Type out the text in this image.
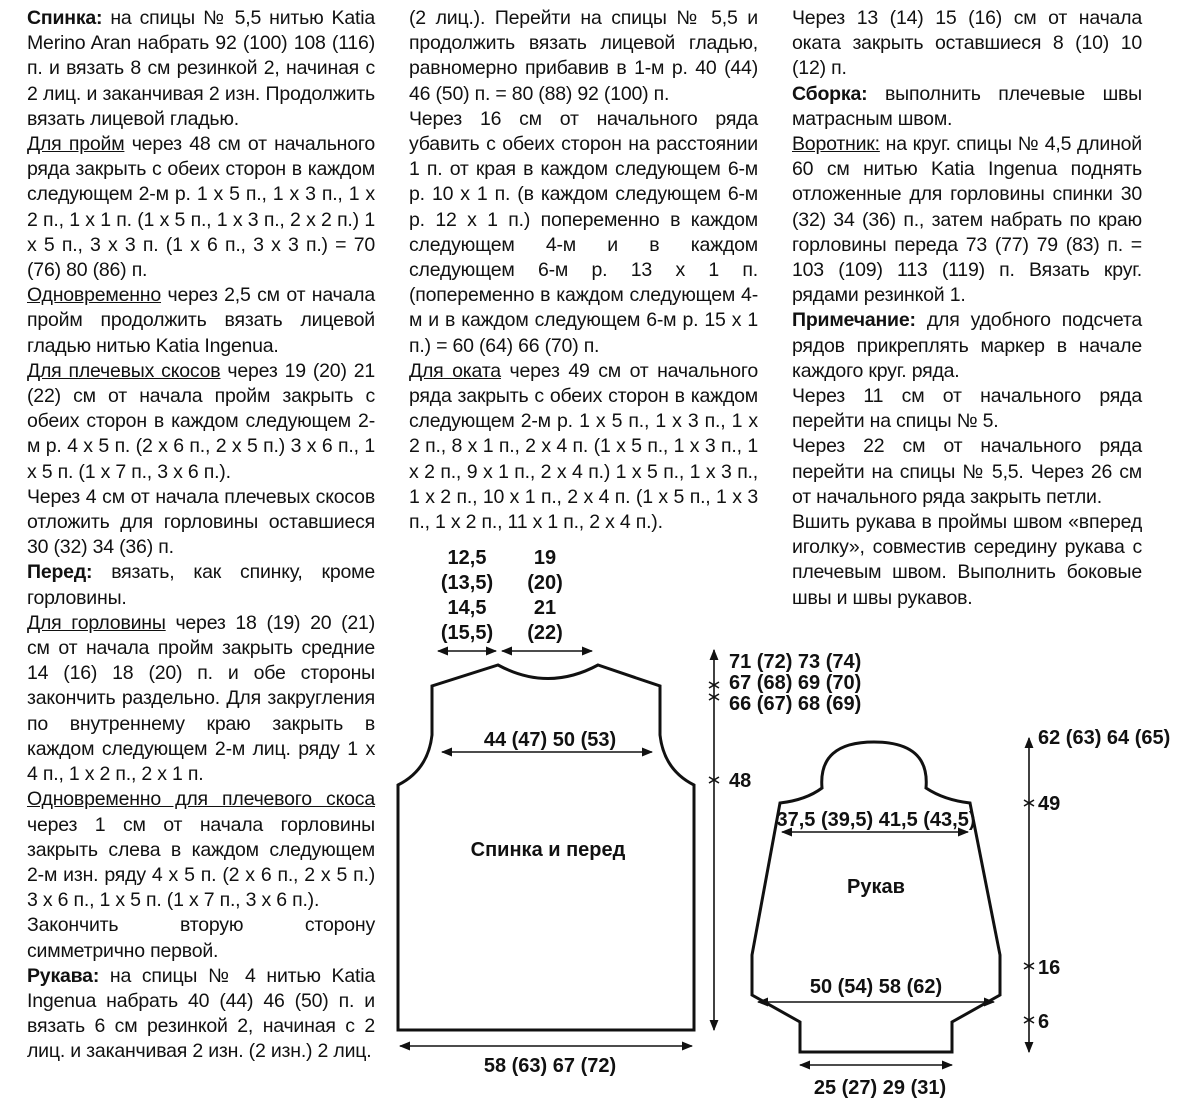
Спинка: на спицы № 5,5 нитью Katia Merino Aran набрать 92 (100) 108 (116) п. и вязать 8 см резинкой 2, начиная с 2 лиц. и заканчивая 2 изн. Продолжить вязать лицевой гладью.

Для пройм через 48 см от начального ряда закрыть с обеих сторон в каждом следующем 2-м р. 1 x 5 п., 1 x 3 п., 1 x 2 п., 1 x 1 п. (1 x 5 п., 1 x 3 п., 2 x 2 п.) 1 x 5 п., 3 x 3 п. (1 x 6 п., 3 x 3 п.) = 70 (76) 80 (86) п.

Одновременно через 2,5 см от начала пройм продолжить вязать лицевой гладью нитью Katia Ingenua.

Для плечевых скосов через 19 (20) 21 (22) см от начала пройм закрыть с обеих сторон в каждом следующем 2-м р. 4 x 5 п. (2 x 6 п., 2 x 5 п.) 3 x 6 п., 1 x 5 п. (1 x 7 п., 3 x 6 п.).

Через 4 см от начала плечевых скосов отложить для горловины оставшиеся 30 (32) 34 (36) п.

Перед: вязать, как спинку, кроме горловины.

Для горловины через 18 (19) 20 (21) см от начала пройм закрыть средние 14 (16) 18 (20) п. и обе стороны закончить раздельно. Для закругления по внутреннему краю закрыть в каждом следующем 2-м лиц. ряду 1 x 4 п., 1 x 2 п., 2 x 1 п.

Одновременно для плечевого скоса через 1 см от начала горловины закрыть слева в каждом следующем 2-м изн. ряду 4 x 5 п. (2 x 6 п., 2 x 5 п.) 3 x 6 п., 1 x 5 п. (1 x 7 п., 3 x 6 п.).

Закончить вторую сторону симметрично первой.

Рукава: на спицы № 4 нитью Katia Ingenua набрать 40 (44) 46 (50) п. и вязать 6 см резинкой 2, начиная с 2 лиц. и заканчивая 2 изн. (2 изн.) 2 лиц.

(2 лиц.). Перейти на спицы № 5,5 и продолжить вязать лицевой гладью, равномерно прибавив в 1-м р. 40 (44) 46 (50) п. = 80 (88) 92 (100) п.

Через 16 см от начального ряда убавить с обеих сторон на расстоянии 1 п. от края в каждом следующем 6-м р. 10 x 1 п. (в каждом следующем 6-м р. 12 x 1 п.) попеременно в каждом следующем 4-м и в каждом следующем 6-м р. 13 x 1 п. (попеременно в каждом следующем 4-м и в каждом следующем 6-м р. 15 x 1 п.) = 60 (64) 66 (70) п.

Для оката через 49 см от начального ряда закрыть с обеих сторон в каждом следующем 2-м р. 1 x 5 п., 1 x 3 п., 1 x 2 п., 8 x 1 п., 2 x 4 п. (1 x 5 п., 1 x 3 п., 1 x 2 п., 9 x 1 п., 2 x 4 п.) 1 x 5 п., 1 x 3 п., 1 x 2 п., 10 x 1 п., 2 x 4 п. (1 x 5 п., 1 x 3 п., 1 x 2 п., 11 x 1 п., 2 x 4 п.).

Через 13 (14) 15 (16) см от начала оката закрыть оставшиеся 8 (10) 10 (12) п.

Сборка: выполнить плечевые швы матрасным швом.

Воротник: на круг. спицы № 4,5 длиной 60 см нитью Katia Ingenua поднять отложенные для горловины спинки 30 (32) 34 (36) п., затем набрать по краю горловины переда 73 (77) 79 (83) п. = 103 (109) 113 (119) п. Вязать круг. рядами резинкой 1.

Примечание: для удобного подсчета рядов прикреплять маркер в начале каждого круг. ряда.

Через 11 см от начального ряда перейти на спицы № 5.

Через 22 см от начального ряда перейти на спицы № 5,5. Через 26 см от начального ряда закрыть петли.

Вшить рукава в проймы швом «вперед иголку», совместив середину рукава с плечевым швом. Выполнить боковые швы и швы рукавов.

12,5
(13,5)
14,5
(15,5)
19
(20)
21
(22)
44 (47) 50 (53)
Спинка и перед
58 (63) 67 (72)
71 (72) 73 (74)
67 (68) 69 (70)
66 (67) 68 (69)
48
37,5 (39,5) 41,5 (43,5)
Рукав
50 (54) 58 (62)
25 (27) 29 (31)
62 (63) 64 (65)
49
16
6
